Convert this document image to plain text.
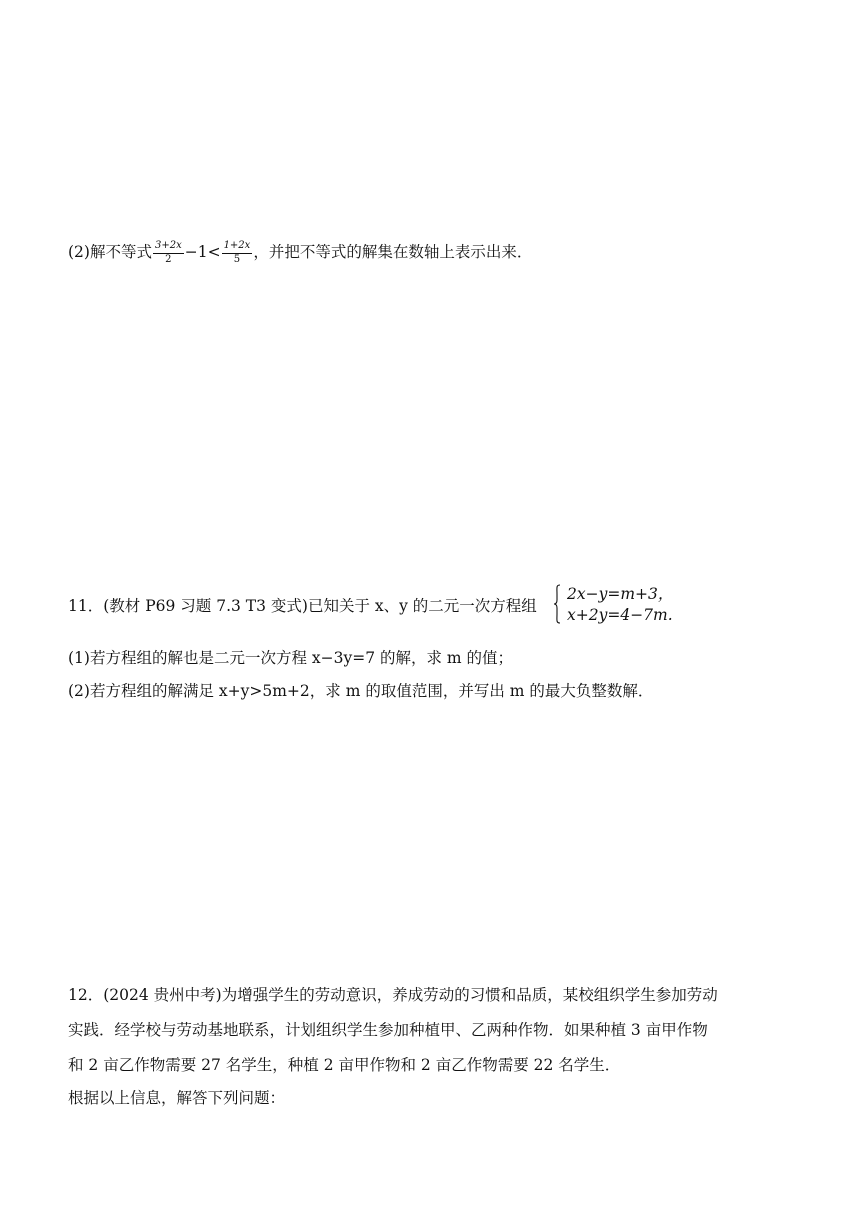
(2)解不等式 $\frac{3+2x}{2} -1< \frac{1+2x}{5}$ ，并把不等式的解集在数轴上表示出来．
11．(教材 P69 习题 7.3 T3 变式)已知关于 x、y 的二元一次方程组
2x−y=m+3，
x+2y=4−7m.
(1)若方程组的解也是二元一次方程 x−3y=7 的解，求 m 的值；
(2)若方程组的解满足 x+y>5m+2，求 m 的取值范围，并写出 m 的最大负整数解．
12．(2024 贵州中考)为增强学生的劳动意识，养成劳动的习惯和品质，某校组织学生参加劳动
实践．经学校与劳动基地联系，计划组织学生参加种植甲、乙两种作物．如果种植 3 亩甲作物
和 2 亩乙作物需要 27 名学生，种植 2 亩甲作物和 2 亩乙作物需要 22 名学生．
根据以上信息，解答下列问题：
